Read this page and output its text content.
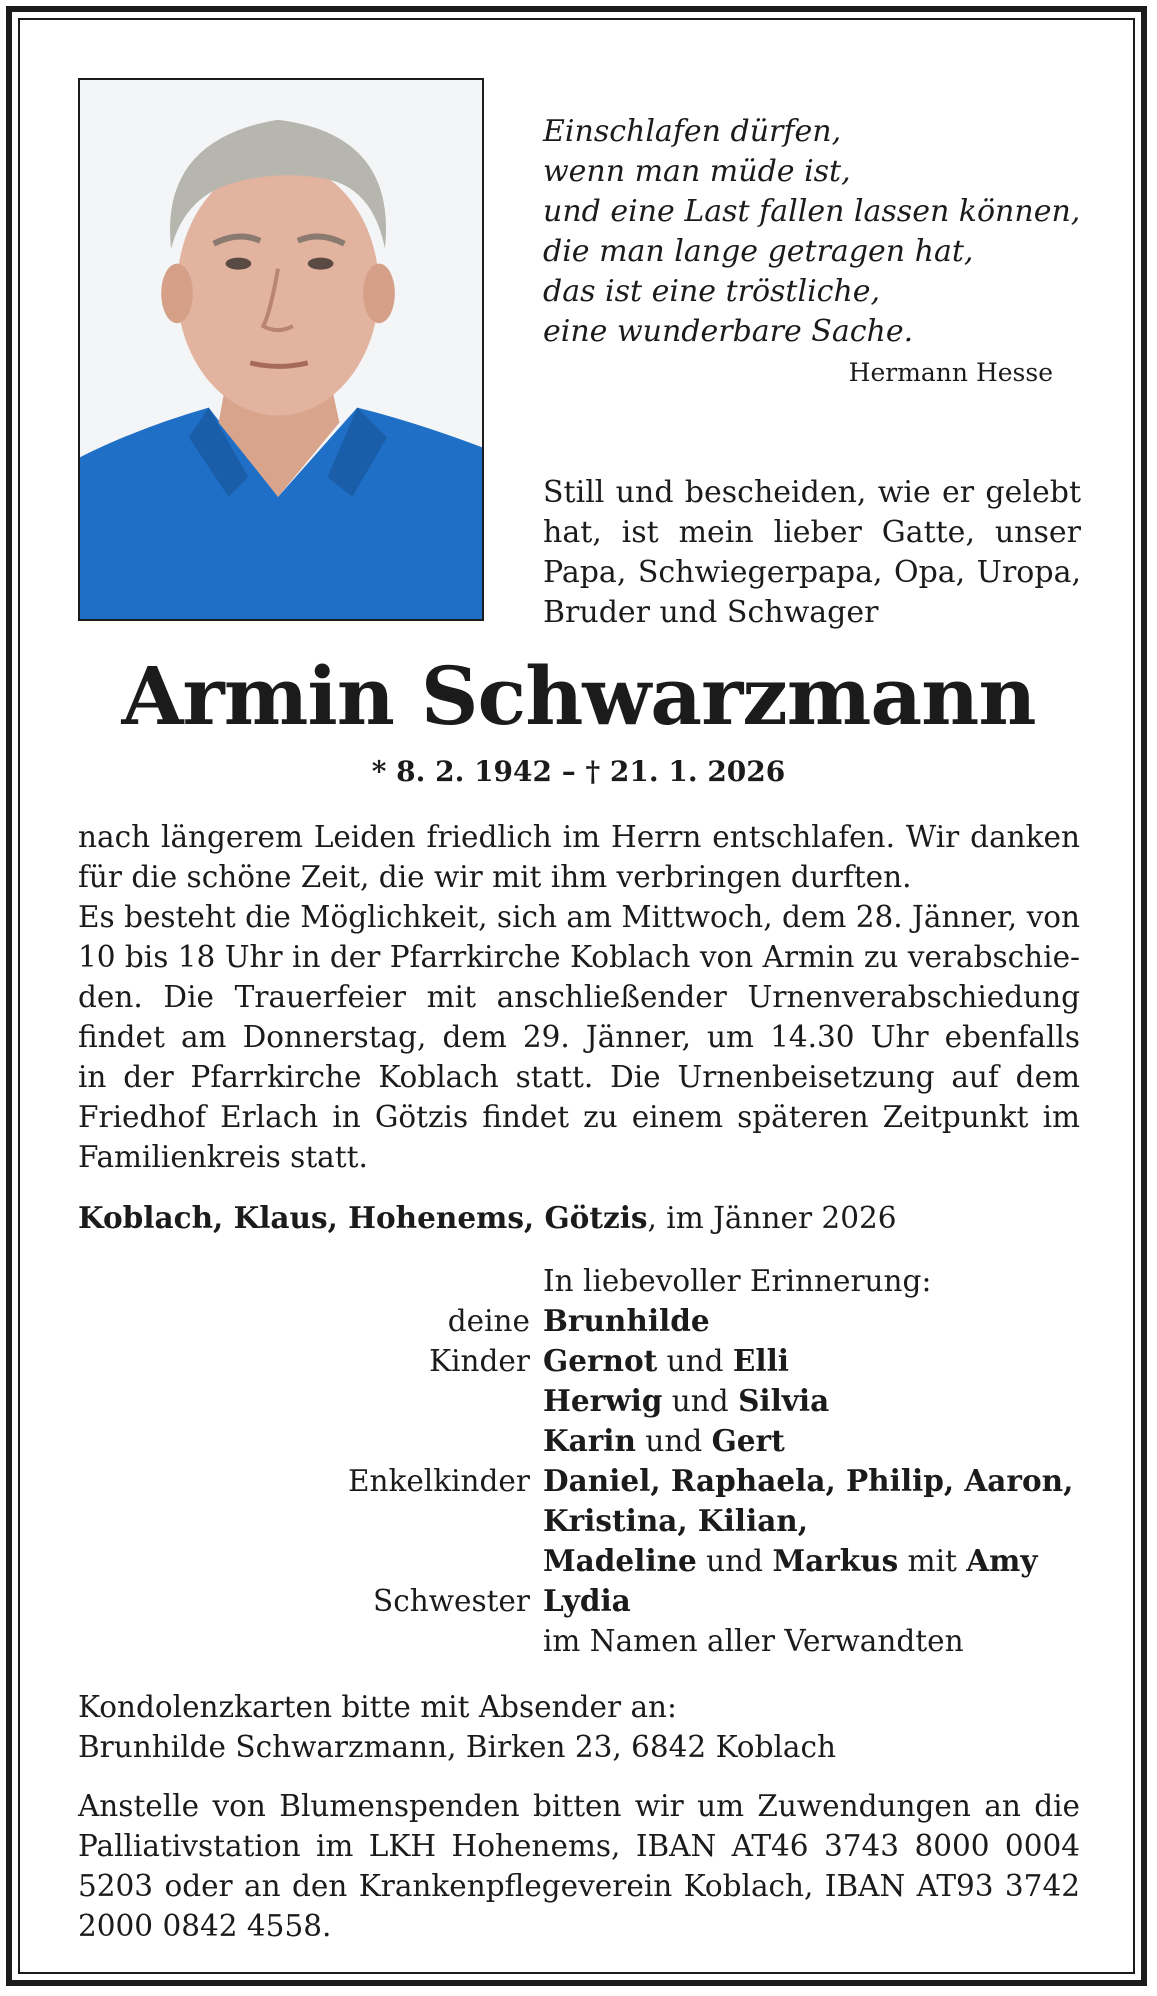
Einschlafen dürfen,
wenn man müde ist,
und eine Last fallen lassen können,
die man lange getragen hat,
das ist eine tröstliche,
eine wunderbare Sache.
Hermann Hesse
Still und bescheiden, wie er gelebt
hat, ist mein lieber Gatte, unser
Papa, Schwiegerpapa, Opa, Uropa,
Bruder und Schwager
Armin Schwarzmann
* 8. 2. 1942 – † 21. 1. 2026
nach längerem Leiden friedlich im Herrn entschlafen. Wir danken
für die schöne Zeit, die wir mit ihm verbringen durften.
Es besteht die Möglichkeit, sich am Mittwoch, dem 28. Jänner, von
10 bis 18 Uhr in der Pfarrkirche Koblach von Armin zu verabschie-
den. Die Trauerfeier mit anschließender Urnenverabschiedung
findet am Donnerstag, dem 29. Jänner, um 14.30 Uhr ebenfalls
in der Pfarrkirche Koblach statt. Die Urnenbeisetzung auf dem
Friedhof Erlach in Götzis findet zu einem späteren Zeitpunkt im
Familienkreis statt.
Koblach, Klaus, Hohenems, Götzis, im Jänner 2026
In liebevoller Erinnerung:
deine Brunhilde
Kinder Gernot und Elli
Herwig und Silvia
Karin und Gert
Enkelkinder Daniel, Raphaela, Philip, Aaron,
Kristina, Kilian,
Madeline und Markus mit Amy
Schwester Lydia
im Namen aller Verwandten
Kondolenzkarten bitte mit Absender an:
Brunhilde Schwarzmann, Birken 23, 6842 Koblach
Anstelle von Blumenspenden bitten wir um Zuwendungen an die
Palliativstation im LKH Hohenems, IBAN AT46 3743 8000 0004
5203 oder an den Krankenpflegeverein Koblach, IBAN AT93 3742
2000 0842 4558.
